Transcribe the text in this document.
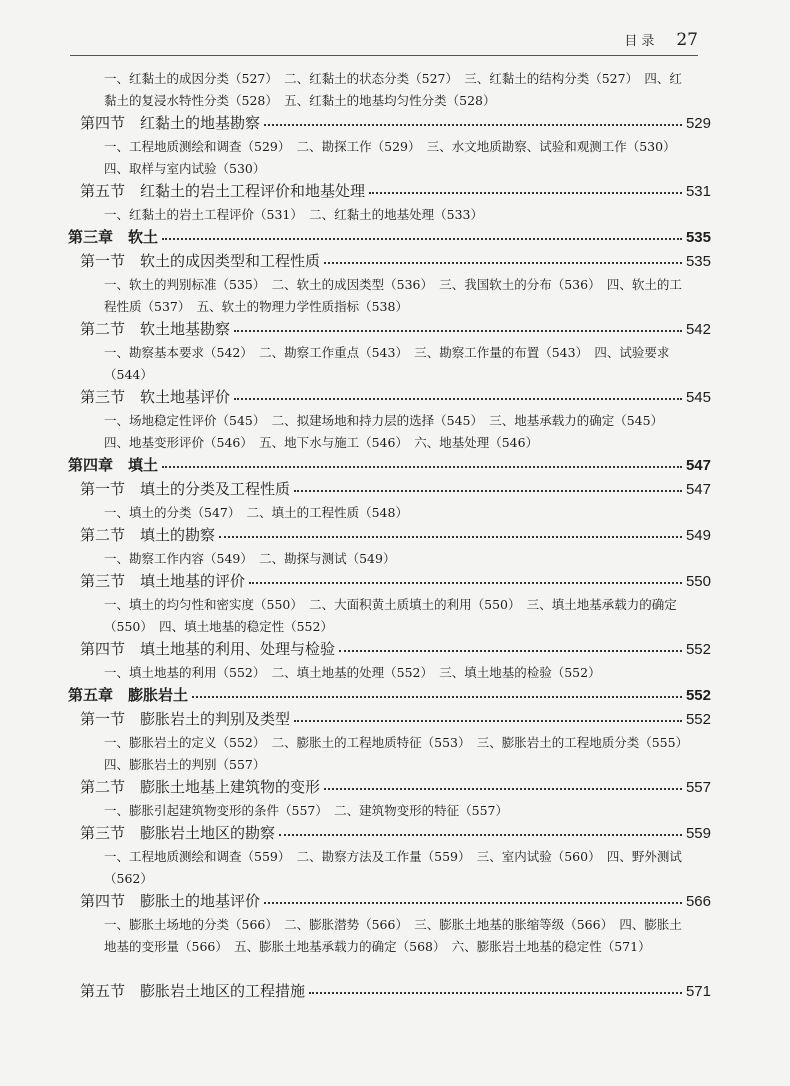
目录 27
一、红黏土的成因分类（527）　二、红黏土的状态分类（527）　三、红黏土的结构分类（527）　四、红黏土的复浸水特性分类（528）　五、红黏土的地基均匀性分类（528）
第四节　红黏土的地基勘察	529
一、工程地质测绘和调查（529）　二、勘探工作（529）　三、水文地质勘察、试验和观测工作（530）　四、取样与室内试验（530）
第五节　红黏土的岩土工程评价和地基处理	531
一、红黏土的岩土工程评价（531）　二、红黏土的地基处理（533）
第三章　软土	535
第一节　软土的成因类型和工程性质	535
一、软土的判别标准（535）　二、软土的成因类型（536）　三、我国软土的分布（536）　四、软土的工程性质（537）　五、软土的物理力学性质指标（538）
第二节　软土地基勘察	542
一、勘察基本要求（542）　二、勘察工作重点（543）　三、勘察工作量的布置（543）　四、试验要求（544）
第三节　软土地基评价	545
一、场地稳定性评价（545）　二、拟建场地和持力层的选择（545）　三、地基承载力的确定（545）　四、地基变形评价（546）　五、地下水与施工（546）　六、地基处理（546）
第四章　填土	547
第一节　填土的分类及工程性质	547
一、填土的分类（547）　二、填土的工程性质（548）
第二节　填土的勘察	549
一、勘察工作内容（549）　二、勘探与测试（549）
第三节　填土地基的评价	550
一、填土的均匀性和密实度（550）　二、大面积黄土质填土的利用（550）　三、填土地基承载力的确定（550）　四、填土地基的稳定性（552）
第四节　填土地基的利用、处理与检验	552
一、填土地基的利用（552）　二、填土地基的处理（552）　三、填土地基的检验（552）
第五章　膨胀岩土	552
第一节　膨胀岩土的判别及类型	552
一、膨胀岩土的定义（552）　二、膨胀土的工程地质特征（553）　三、膨胀岩土的工程地质分类（555）　四、膨胀岩土的判别（557）
第二节　膨胀土地基上建筑物的变形	557
一、膨胀引起建筑物变形的条件（557）　二、建筑物变形的特征（557）
第三节　膨胀岩土地区的勘察	559
一、工程地质测绘和调查（559）　二、勘察方法及工作量（559）　三、室内试验（560）　四、野外测试（562）
第四节　膨胀土的地基评价	566
一、膨胀土场地的分类（566）　二、膨胀潜势（566）　三、膨胀土地基的胀缩等级（566）　四、膨胀土地基的变形量（566）　五、膨胀土地基承载力的确定（568）　六、膨胀岩土地基的稳定性（571）
第五节　膨胀岩土地区的工程措施	571
